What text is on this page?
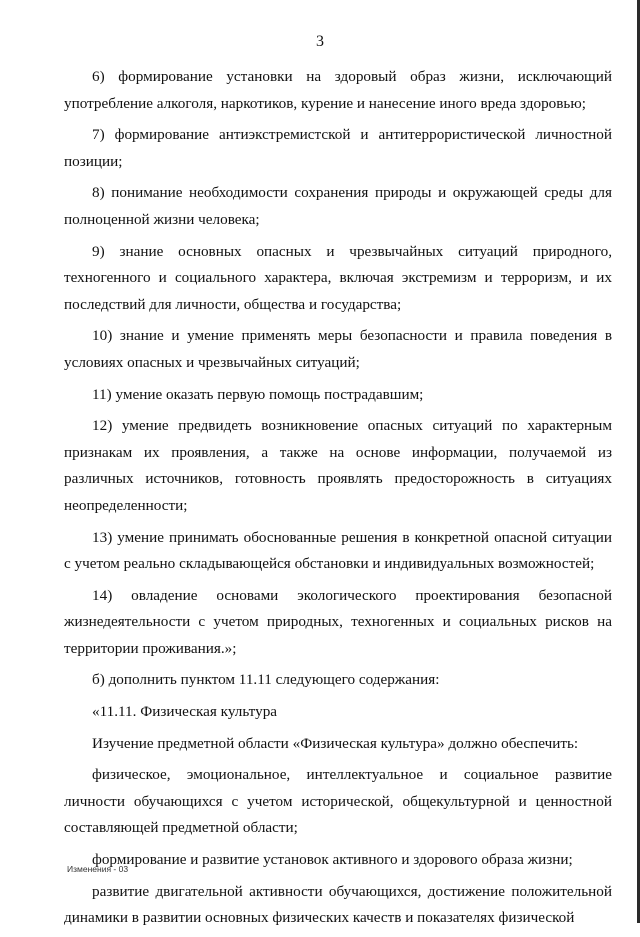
3

6) формирование установки на здоровый образ жизни, исключающий употребление алкоголя, наркотиков, курение и нанесение иного вреда здоровью;

7) формирование антиэкстремистской и антитеррористической личностной позиции;

8) понимание необходимости сохранения природы и окружающей среды для полноценной жизни человека;

9) знание основных опасных и чрезвычайных ситуаций природного, техногенного и социального характера, включая экстремизм и терроризм, и их последствий для личности, общества и государства;

10) знание и умение применять меры безопасности и правила поведения в условиях опасных и чрезвычайных ситуаций;

11) умение оказать первую помощь пострадавшим;

12) умение предвидеть возникновение опасных ситуаций по характерным признакам их проявления, а также на основе информации, получаемой из различных источников, готовность проявлять предосторожность в ситуациях неопределенности;

13) умение принимать обоснованные решения в конкретной опасной ситуации с учетом реально складывающейся обстановки и индивидуальных возможностей;

14) овладение основами экологического проектирования безопасной жизнедеятельности с учетом природных, техногенных и социальных рисков на территории проживания.»;

б) дополнить пунктом 11.11 следующего содержания:

«11.11. Физическая культура

Изучение предметной области «Физическая культура» должно обеспечить:

физическое, эмоциональное, интеллектуальное и социальное развитие личности обучающихся с учетом исторической, общекультурной и ценностной составляющей предметной области;

формирование и развитие установок активного и здорового образа жизни;

развитие двигательной активности обучающихся, достижение положительной динамики в развитии основных физических качеств и показателях физической

Изменения - 03
